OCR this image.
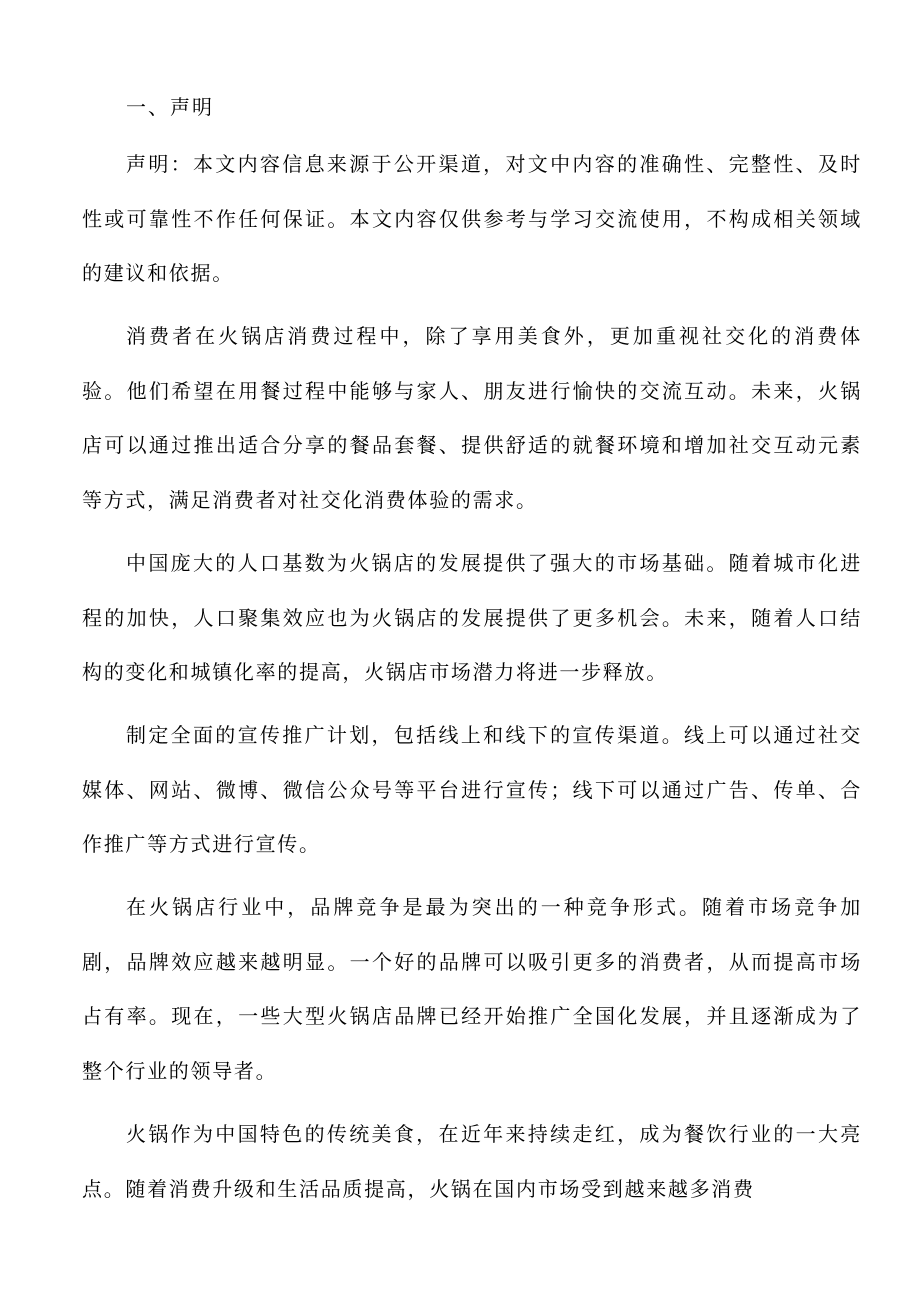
一、声明

声明：本文内容信息来源于公开渠道，对文中内容的准确性、完整性、及时性或可靠性不作任何保证。本文内容仅供参考与学习交流使用，不构成相关领域的建议和依据。

消费者在火锅店消费过程中，除了享用美食外，更加重视社交化的消费体验。他们希望在用餐过程中能够与家人、朋友进行愉快的交流互动。未来，火锅店可以通过推出适合分享的餐品套餐、提供舒适的就餐环境和增加社交互动元素等方式，满足消费者对社交化消费体验的需求。

中国庞大的人口基数为火锅店的发展提供了强大的市场基础。随着城市化进程的加快，人口聚集效应也为火锅店的发展提供了更多机会。未来，随着人口结构的变化和城镇化率的提高，火锅店市场潜力将进一步释放。

制定全面的宣传推广计划，包括线上和线下的宣传渠道。线上可以通过社交媒体、网站、微博、微信公众号等平台进行宣传；线下可以通过广告、传单、合作推广等方式进行宣传。

在火锅店行业中，品牌竞争是最为突出的一种竞争形式。随着市场竞争加剧，品牌效应越来越明显。一个好的品牌可以吸引更多的消费者，从而提高市场占有率。现在，一些大型火锅店品牌已经开始推广全国化发展，并且逐渐成为了整个行业的领导者。

火锅作为中国特色的传统美食，在近年来持续走红，成为餐饮行业的一大亮点。随着消费升级和生活品质提高，火锅在国内市场受到越来越多消费
